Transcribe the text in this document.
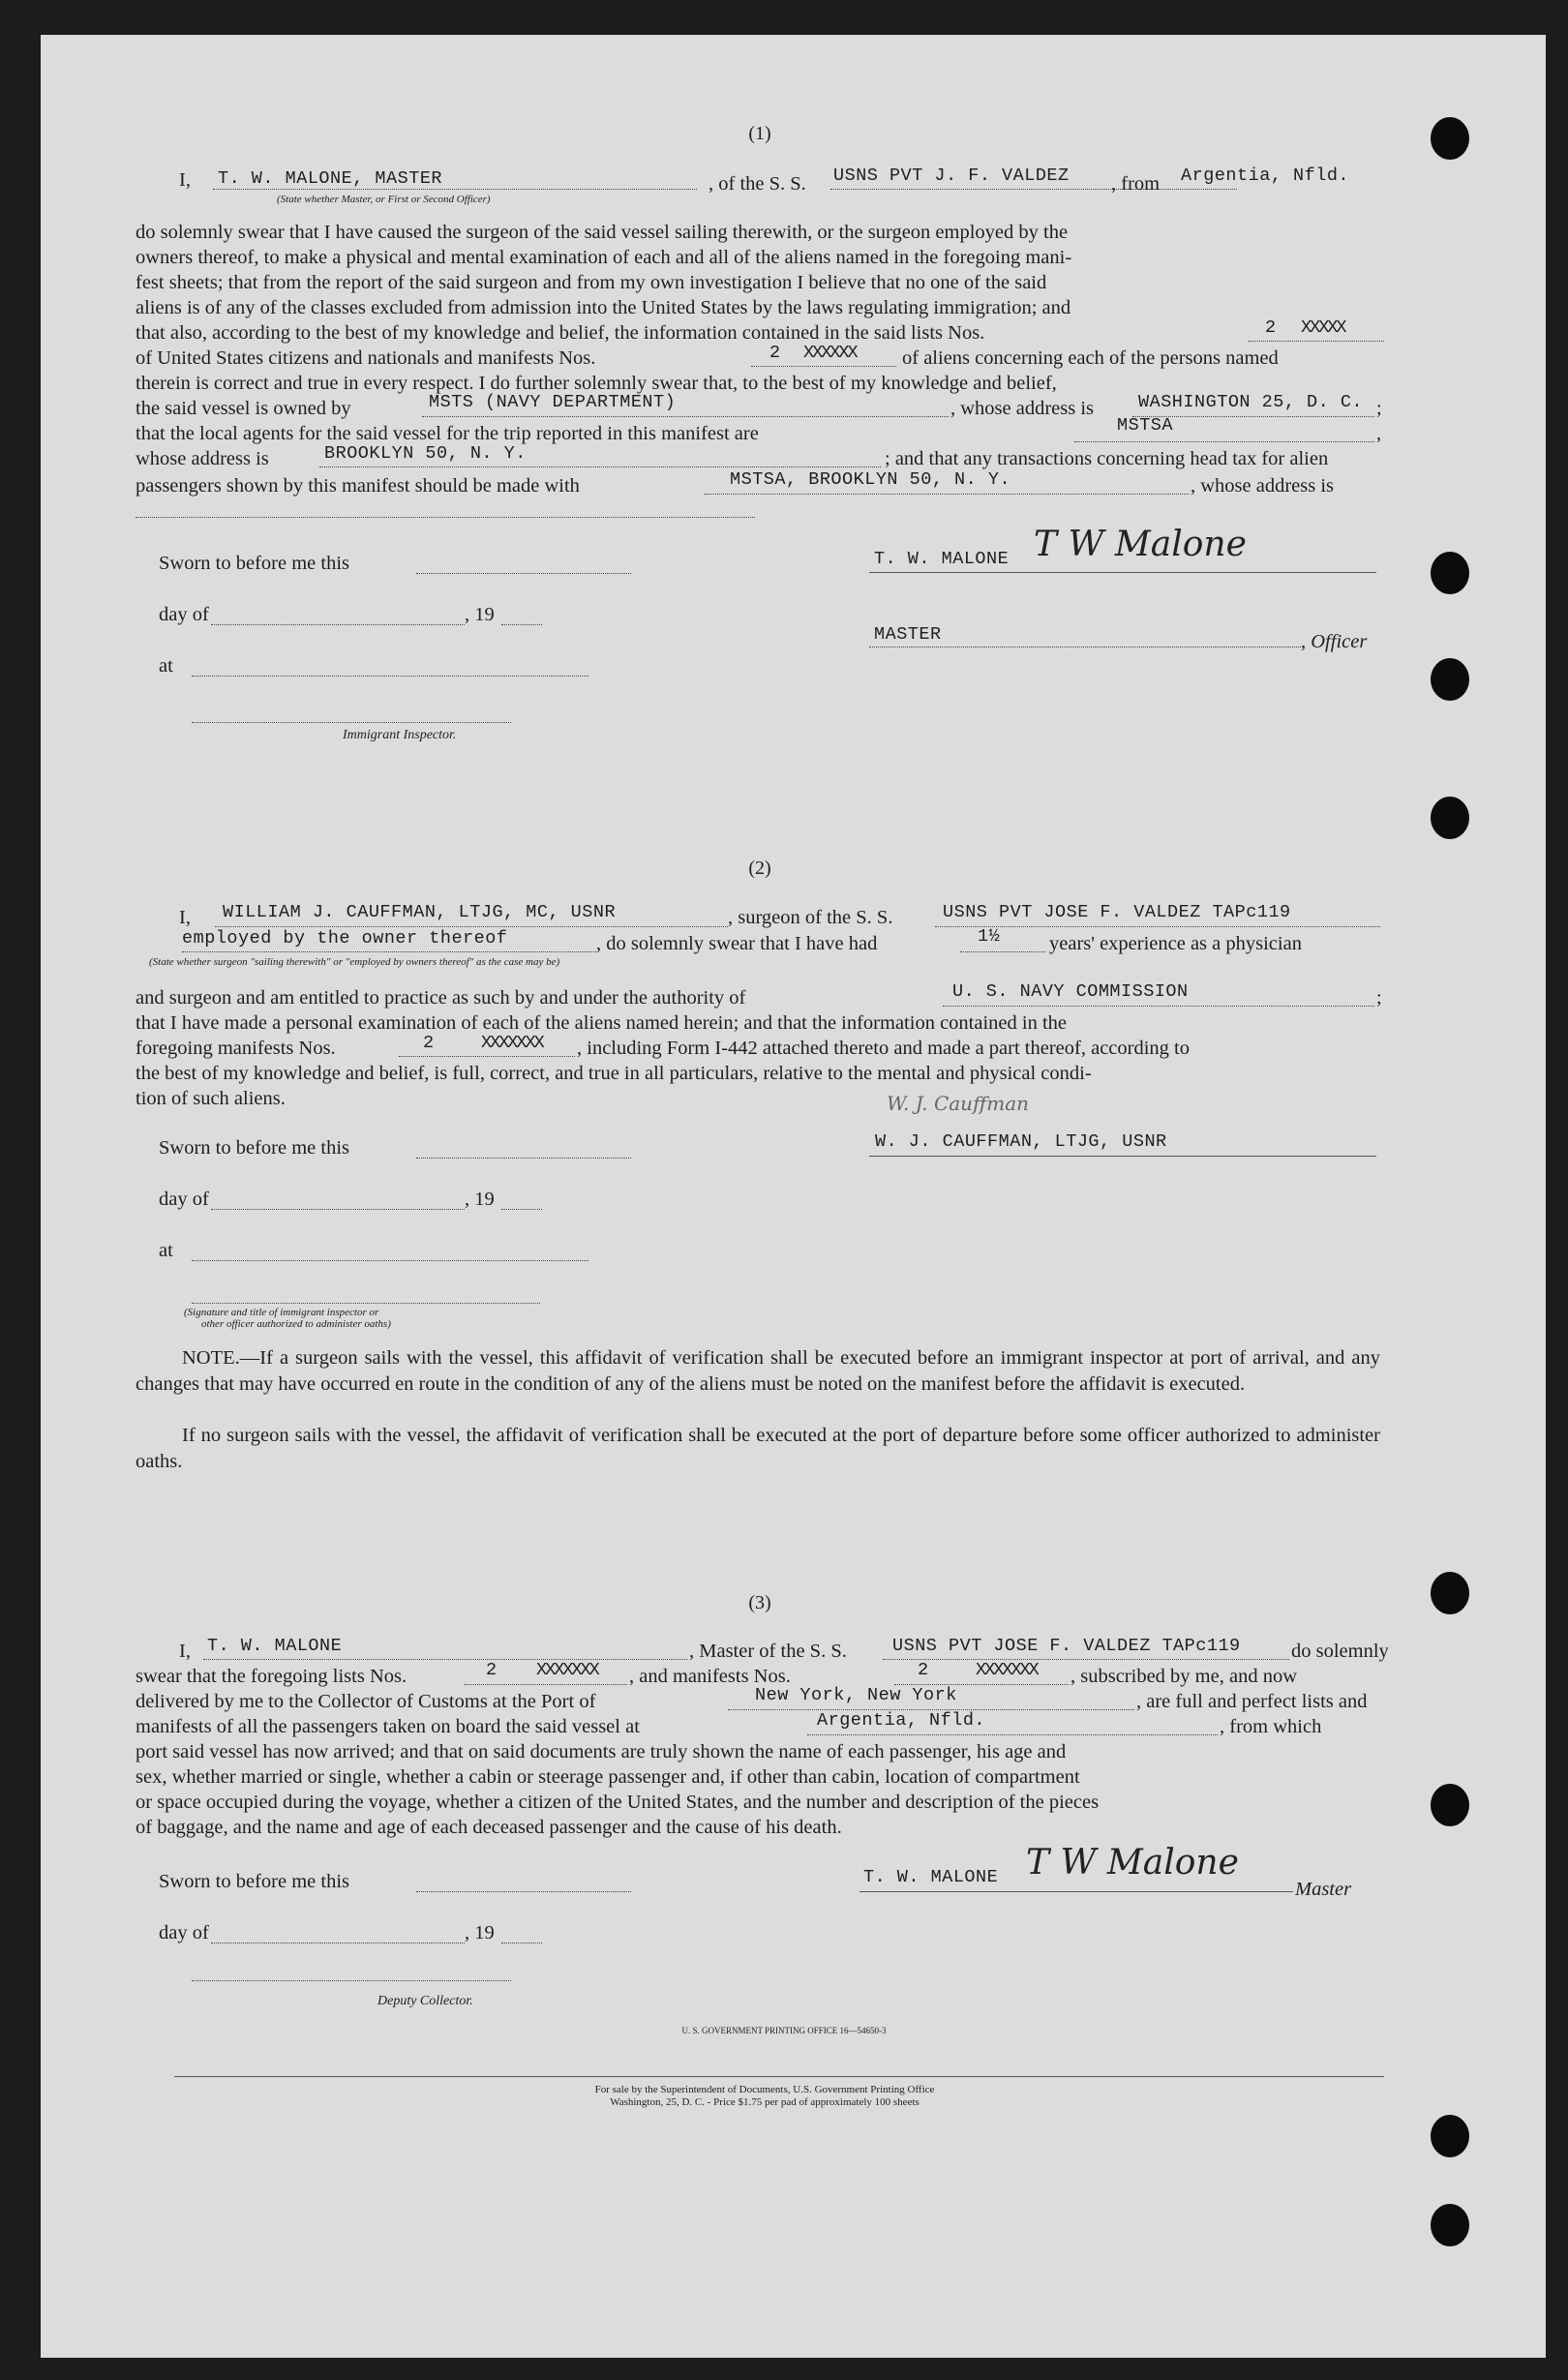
(1)
I, T. W. MALONE, MASTER
(State whether Master, or First or Second Officer)
, of the S. S. USNS PVT J. F. VALDEZ , from Argentia, Nfld.
do solemnly swear that I have caused the surgeon of the said vessel sailing therewith, or the surgeon employed by the
owners thereof, to make a physical and mental examination of each and all of the aliens named in the foregoing mani-
fest sheets; that from the report of the said surgeon and from my own investigation I believe that no one of the said
aliens is of any of the classes excluded from admission into the United States by the laws regulating immigration; and
that also, according to the best of my knowledge and belief, the information contained in the said lists Nos.	2 XXXXX
of United States citizens and nationals and manifests Nos.	2 XXXXXX of aliens concerning each of the persons named
therein is correct and true in every respect. I do further solemnly swear that, to the best of my knowledge and belief,
the said vessel is owned by	MSTS (NAVY DEPARTMENT)	, whose address is WASHINGTON 25, D. C. ;
that the local agents for the said vessel for the trip reported in this manifest are	MSTSA	,
whose address is	BROOKLYN 50, N. Y.	; and that any transactions concerning head tax for alien
passengers shown by this manifest should be made with	MSTSA, BROOKLYN 50, N. Y.	, whose address is
Sworn to before me this
day of	, 19
at
Immigrant Inspector.
T. W. MALONE T W Malone
MASTER	, Officer
(2)
I, WILLIAM J. CAUFFMAN, LTJG, MC, USNR	, surgeon of the S. S.	USNS PVT JOSE F. VALDEZ TAPc119
employed by the owner thereof	, do solemnly swear that I have had	1½ years' experience as a physician
(State whether surgeon "sailing therewith" or "employed by owners thereof" as the case may be)
and surgeon and am entitled to practice as such by and under the authority of	U. S. NAVY COMMISSION	;
that I have made a personal examination of each of the aliens named herein; and that the information contained in the
foregoing manifests Nos.	2	XXXXXXX , including Form I-442 attached thereto and made a part thereof, according to
the best of my knowledge and belief, is full, correct, and true in all particulars, relative to the mental and physical condi-
tion of such aliens.	W. J. Cauffman
W. J. CAUFFMAN, LTJG, USNR
Sworn to before me this
day of	, 19
at
(Signature and title of immigrant inspector or
other officer authorized to administer oaths)
NOTE.—If a surgeon sails with the vessel, this affidavit of verification shall be executed before an immigrant inspector at port of arrival, and any changes that may have occurred en route in the condition of any of the aliens must be noted on the manifest before the affidavit is executed.
If no surgeon sails with the vessel, the affidavit of verification shall be executed at the port of departure before some officer authorized to administer oaths.
(3)
I, T. W. MALONE	, Master of the S. S.	USNS PVT JOSE F. VALDEZ TAPc119	do solemnly
swear that the foregoing lists Nos.	2 XXXXXXX , and manifests Nos.	2	XXXXXXX , subscribed by me, and now
delivered by me to the Collector of Customs at the Port of	New York, New York	, are full and perfect lists and
manifests of all the passengers taken on board the said vessel at	Argentia, Nfld.	, from which
port said vessel has now arrived; and that on said documents are truly shown the name of each passenger, his age and
sex, whether married or single, whether a cabin or steerage passenger and, if other than cabin, location of compartment
or space occupied during the voyage, whether a citizen of the United States, and the number and description of the pieces
of baggage, and the name and age of each deceased passenger and the cause of his death.
Sworn to before me this	T. W. MALONE T W Malone
Master
day of	, 19
Deputy Collector.
U. S. GOVERNMENT PRINTING OFFICE 16—54650-3
For sale by the Superintendent of Documents, U.S. Government Printing Office
Washington, 25, D. C. - Price $1.75 per pad of approximately 100 sheets
